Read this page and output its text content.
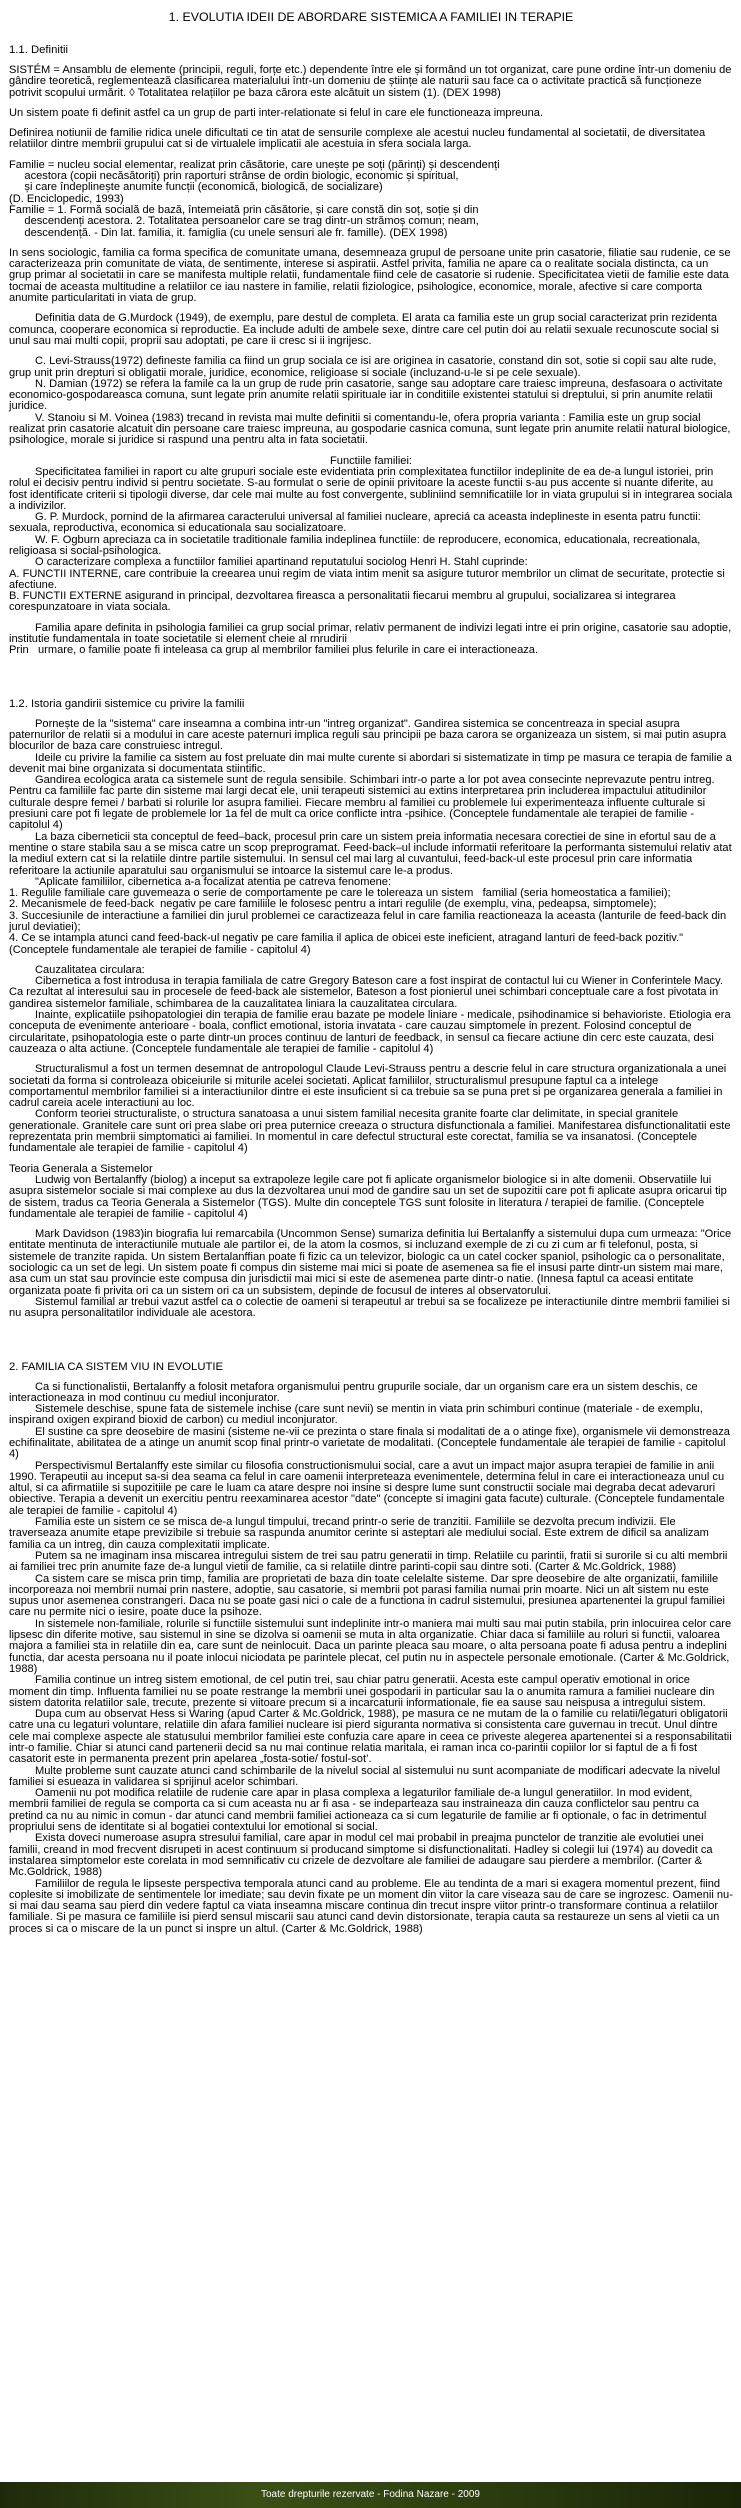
1. EVOLUTIA IDEII DE ABORDARE SISTEMICA A FAMILIEI IN TERAPIE
1.1. Definitii

SISTÉM = Ansamblu de elemente (principii, reguli, forțe etc.) dependente între ele și formând un tot organizat, care pune ordine într-un domeniu de gândire teoretică, reglementează clasificarea materialului într-un domeniu de științe ale naturii sau face ca o activitate practică să funcționeze potrivit scopului urmărit. ◊ Totalitatea relațiilor pe baza cărora este alcătuit un sistem (1). (DEX 1998)

Un sistem poate fi definit astfel ca un grup de parti inter-relationate si felul in care ele functioneaza impreuna.

Definirea notiunii de familie ridica unele dificultati ce tin atat de sensurile complexe ale acestui nucleu fundamental al societatii, de diversitatea relatiilor dintre membrii grupului cat si de virtualele implicatii ale acestuia in sfera sociala larga.

Familie = nucleu social elementar, realizat prin căsătorie, care unește pe soți (părinți) și descendenți
acestora (copii necăsătoriți) prin raporturi strânse de ordin biologic, economic și spiritual,
și care îndeplinește anumite funcții (economică, biologică, de socializare)
(D. Enciclopedic, 1993)
Familie = 1. Formă socială de bază, întemeiată prin căsătorie, și care constă din soț, soție și din
descendenți acestora. 2. Totalitatea persoanelor care se trag dintr-un strămoș comun; neam,
descendență. - Din lat. familia, it. famiglia (cu unele sensuri ale fr. famille). (DEX 1998)

In sens sociologic, familia ca forma specifica de comunitate umana, desemneaza grupul de persoane unite prin casatorie, filiatie sau rudenie, ce se caracterizeaza prin comunitate de viata, de sentimente, interese si aspiratii. Astfel privita, familia ne apare ca o realitate sociala distincta, ca un grup primar al societatii in care se manifesta multiple relatii, fundamentale fiind cele de casatorie si rudenie. Specificitatea vietii de familie este data tocmai de aceasta multitudine a relatiilor ce iau nastere in familie, relatii fiziologice, psihologice, economice, morale, afective si care comporta anumite particularitati in viata de grup.

Definitia data de G.Murdock (1949), de exemplu, pare destul de completa. El arata ca familia este un grup social caracterizat prin rezidenta comunca, cooperare economica si reproductie. Ea include adulti de ambele sexe, dintre care cel putin doi au relatii sexuale recunoscute social si unul sau mai multi copii, proprii sau adoptati, pe care ii cresc si ii ingrijesc.

C. Levi-Strauss(1972) defineste familia ca fiind un grup sociala ce isi are originea in casatorie, constand din sot, sotie si copii sau alte rude, grup unit prin drepturi si obligatii morale, juridice, economice, religioase si sociale (incluzand-u-le si pe cele sexuale).

N. Damian (1972) se refera la famile ca la un grup de rude prin casatorie, sange sau adoptare care traiesc impreuna, desfasoara o activitate economico-gospodareasca comuna, sunt legate prin anumite relatii spirituale iar in conditiile existentei statului si dreptului, si prin anumite relatii juridice.

V. Stanoiu si M. Voinea (1983) trecand in revista mai multe definitii si comentandu-le, ofera propria varianta : Familia este un grup social realizat prin casatorie alcatuit din persoane care traiesc impreuna, au gospodarie casnica comuna, sunt legate prin anumite relatii natural biologice, psihologice, morale si juridice si raspund una pentru alta in fata societatii.

Functiile familiei:

Specificitatea familiei in raport cu alte grupuri sociale este evidentiata prin complexitatea functiilor indeplinite de ea de-a lungul istoriei, prin rolul ei decisiv pentru individ si pentru societate. S-au formulat o serie de opinii privitoare la aceste functii s-au pus accente si nuante diferite, au fost identificate criterii si tipologii diverse, dar cele mai multe au fost convergente, subliniind semnificatiile lor in viata grupului si in integrarea sociala a indivizilor.

G. P. Murdock, pornind de la afirmarea caracterului universal al familiei nucleare, apreciá ca aceasta indeplineste in esenta patru functii: sexuala, reproductiva, economica si educationala sau socializatoare.

W. F. Ogburn apreciaza ca in societatile traditionale familia indeplinea functiile: de reproducere, economica, educationala, recreationala, religioasa si social-psihologica.

O caracterizare complexa a functiilor familiei apartinand reputatului sociolog Henri H. Stahl cuprinde:
A. FUNCTII INTERNE, care contribuie la creearea unui regim de viata intim menit sa asigure tuturor membrilor un climat de securitate, protectie si afectiune.
B. FUNCTII EXTERNE asigurand in principal, dezvoltarea fireasca a personalitatii fiecarui membru al grupului, socializarea si integrarea corespunzatoare in viata sociala.

Familia apare definita in psihologia familiei ca grup social primar, relativ permanent de indivizi legati intre ei prin origine, casatorie sau adoptie, institutie fundamentala in toate societatile si element cheie al rnrudirii
Prin   urmare, o familie poate fi inteleasa ca grup al membrilor familiei plus felurile in care ei interactioneaza.

1.2. Istoria gandirii sistemice cu privire la familii

Pornește de la "sistema" care inseamna a combina intr-un "intreg organizat". Gandirea sistemica se concentreaza in special asupra paternurilor de relatii si a modului in care aceste paternuri implica reguli sau principii pe baza carora se organizeaza un sistem, si mai putin asupra blocurilor de baza care construiesc intregul.

Ideile cu privire la familie ca sistem au fost preluate din mai multe curente si abordari si sistematizate in timp pe masura ce terapia de familie a devenit mai bine organizata si documentata stiintific.

Gandirea ecologica arata ca sistemele sunt de regula sensibile. Schimbari intr-o parte a lor pot avea consecinte neprevazute pentru intreg. Pentru ca familiile fac parte din sisteme mai largi decat ele, unii terapeuti sistemici au extins interpretarea prin includerea impactului atitudinilor culturale despre femei / barbati si rolurile lor asupra familiei. Fiecare membru al familiei cu problemele lui experimenteaza influente culturale si presiuni care pot fi legate de problemele lor 1a fel de mult ca orice conflicte intra -psihice. (Conceptele fundamentale ale terapiei de familie - capitolul 4)

La baza ciberneticii sta conceptul de feed–back, procesul prin care un sistem preia informatia necesara corectiei de sine in efortul sau de a mentine o stare stabila sau a se misca catre un scop preprogramat. Feed-back–ul include informatii referitoare la performanta sistemului relativ atat la mediul extern cat si la relatiile dintre partile sistemului. In sensul cel mai larg al cuvantului, feed-back-ul este procesul prin care informatia referitoare la actiunile aparatului sau organismului se intoarce la sistemul care le-a produs.

"Aplicate familiilor, cibernetica a-a focalizat atentia pe catreva fenomene:
1. Regulile familiale care guvemeaza o serie de comportamente pe care le tolereaza un sistem   familial (seria homeostatica a familiei);
2. Mecanismele de feed-back  negativ pe care familiile le folosesc pentru a intari regulile (de exemplu, vina, pedeapsa, simptomele);
3. Succesiunile de interactiune a familiei din jurul problemei ce caractizeaza felul in care familia reactioneaza la aceasta (lanturile de feed-back din jurul deviatiei);
4. Ce se intampla atunci cand feed-back-ul negativ pe care familia il aplica de obicei este ineficient, atragand lanturi de feed-back pozitiv." (Conceptele fundamentale ale terapiei de familie - capitolul 4)

Cauzalitatea circulara:

Cibernetica a fost introdusa in terapia familiala de catre Gregory Bateson care a fost inspirat de contactul lui cu Wiener in Conferintele Macy. Ca rezultat al interesului sau in procesele de feed-back ale sistemelor, Bateson a fost pionierul unei schimbari conceptuale care a fost pivotata in gandirea sistemelor familiale, schimbarea de la cauzalitatea liniara la cauzalitatea circulara.

Inainte, explicatiile psihopatologiei din terapia de familie erau bazate pe modele liniare - medicale, psihodinamice si behavioriste. Etiologia era conceputa de evenimente anterioare - boala, conflict emotional, istoria invatata - care cauzau simptomele in prezent. Folosind conceptul de circularitate, psihopatologia este o parte dintr-un proces continuu de lanturi de feedback, in sensul ca fiecare actiune din cerc este cauzata, desi cauzeaza o alta actiune. (Conceptele fundamentale ale terapiei de familie - capitolul 4)

Structuralismul a fost un termen desemnat de antropologul Claude Levi-Strauss pentru a descrie felul in care structura organizationala a unei societati da forma si controleaza obiceiurile si miturile acelei societati. Aplicat familiilor, structuralismul presupune faptul ca a intelege comportamentul membrilor familiei si a interactiunilor dintre ei este insuficient si ca trebuie sa se puna pret si pe organizarea generala a familiei in cadrul careia acele interactiuni au loc.

Conform teoriei structuraliste, o structura sanatoasa a unui sistem familial necesita granite foarte clar delimitate, in special granitele generationale. Granitele care sunt ori prea slabe ori prea puternice creeaza o structura disfunctionala a familiei. Manifestarea disfunctionalitatii este reprezentata prin membrii simptomatici ai familiei. In momentul in care defectul structural este corectat, familia se va insanatosi. (Conceptele fundamentale ale terapiei de familie - capitolul 4)

Teoria Generala a Sistemelor

Ludwig von Bertalanffy (biolog) a inceput sa extrapoleze legile care pot fi aplicate organismelor biologice si in alte domenii. Observatiile lui asupra sistemelor sociale si mai complexe au dus la dezvoltarea unui mod de gandire sau un set de supozitii care pot fi aplicate asupra oricarui tip de sistem, tradus ca Teoria Generala a Sistemelor (TGS). Multe din conceptele TGS sunt folosite in literatura / terapiei de familie. (Conceptele fundamentale ale terapiei de familie - capitolul 4)

Mark Davidson (1983)in biografia lui remarcabila (Uncommon Sense) sumariza definitia lui Bertalanffy a sistemului dupa cum urmeaza: "Orice entitate mentinuta de interactiunile mutuale ale partilor ei, de la atom la cosmos, si incluzand exemple de zi cu zi cum ar fi telefonul, posta, si sistemele de tranzite rapida. Un sistem Bertalanffian poate fi fizic ca un televizor, biologic ca un catel cocker spaniol, psihologic ca o personalitate, sociologic ca un set de legi. Un sistem poate fi compus din sisteme mai mici si poate de asemenea sa fie el insusi parte dintr-un sistem mai mare, asa cum un stat sau provincie este compusa din jurisdictii mai mici si este de asemenea parte dintr-o natie. (Innesa faptul ca aceasi entitate organizata poate fi privita ori ca un sistem ori ca un subsistem, depinde de focusul de interes al observatorului.

Sistemul familial ar trebui vazut astfel ca o colectie de oameni si terapeutul ar trebui sa se focalizeze pe interactiunile dintre membrii familiei si nu asupra personalitatilor individuale ale acestora.

2. FAMILIA CA SISTEM VIU IN EVOLUTIE

Ca si functionalistii, Bertalanffy a folosit metafora organismului pentru grupurile sociale, dar un organism care era un sistem deschis, ce interactioneaza in mod continuu cu mediul inconjurator.

Sistemele deschise, spune fata de sistemele inchise (care sunt nevii) se mentin in viata prin schimburi continue (materiale - de exemplu, inspirand oxigen expirand bioxid de carbon) cu mediul inconjurator.

El sustine ca spre deosebire de masini (sisteme ne-vii ce prezinta o stare finala si modalitati de a o atinge fixe), organismele vii demonstreaza echifinalitate, abilitatea de a atinge un anumit scop final printr-o varietate de modalitati. (Conceptele fundamentale ale terapiei de familie - capitolul 4)

Perspectivismul Bertalanffy este similar cu filosofia constructionismului social, care a avut un impact major asupra terapiei de familie in anii 1990. Terapeutii au inceput sa-si dea seama ca felul in care oamenii interpreteaza evenimentele, determina felul in care ei interactioneaza unul cu altul, si ca afirmatiile si supozitiile pe care le luam ca atare despre noi insine si despre lume sunt constructii sociale mai degraba decat adevaruri obiective. Terapia a devenit un exercitiu pentru reexaminarea acestor "date" (concepte si imagini gata facute) culturale. (Conceptele fundamentale ale terapiei de familie - capitolul 4)

Familia este un sistem ce se misca de-a lungul timpului, trecand printr-o serie de tranzitii. Familiile se dezvolta precum indivizii. Ele traverseaza anumite etape previzibile si trebuie sa raspunda anumitor cerinte si asteptari ale mediului social. Este extrem de dificil sa analizam familia ca un intreg, din cauza complexitatii implicate.

Putem sa ne imaginam insa miscarea intregului sistem de trei sau patru generatii in timp. Relatiile cu parintii, fratii si surorile si cu alti membrii ai familiei trec prin anumite faze de-a lungul vietii de familie, ca si relatiile dintre parinti-copii sau dintre soti. (Carter & Mc.Goldrick, 1988)

Ca sistem care se misca prin timp, familia are proprietati de baza din toate celelalte sisteme. Dar spre deosebire de alte organizatii, familiile incorporeaza noi membrii numai prin nastere, adoptie, sau casatorie, si membrii pot parasi familia numai prin moarte. Nici un alt sistem nu este supus unor asemenea constrangeri. Daca nu se poate gasi nici o cale de a functiona in cadrul sistemului, presiunea apartenentei la grupul familiei care nu permite nici o iesire, poate duce la psihoze.

In sistemele non-familiale, rolurile si functiile sistemului sunt indeplinite intr-o maniera mai multi sau mai putin stabila, prin inlocuirea celor care lipsesc din diferite motive, sau sistemul in sine se dizolva si oamenii se muta in alta organizatie. Chiar daca si familiile au roluri si functii, valoarea majora a familiei sta in relatiile din ea, care sunt de neinlocuit. Daca un parinte pleaca sau moare, o alta persoana poate fi adusa pentru a indeplini functia, dar acesta persoana nu il poate inlocui niciodata pe parintele plecat, cel putin nu in aspectele personale emotionale. (Carter & Mc.Goldrick, 1988)

Familia continue un intreg sistem emotional, de cel putin trei, sau chiar patru generatii. Acesta este campul operativ emotional in orice moment din timp. Influenta familiei nu se poate restrange la membrii unei gospodarii in particular sau la o anumita ramura a familiei nucleare din sistem datorita relatiilor sale, trecute, prezente si viitoare precum si a incarcaturii informationale, fie ea sause sau neispusa a intregului sistem.

Dupa cum au observat Hess si Waring (apud Carter & Mc.Goldrick, 1988), pe masura ce ne mutam de la o familie cu relatii/legaturi obligatorii catre una cu legaturi voluntare, relatiile din afara familiei nucleare isi pierd siguranta normativa si consistenta care guvernau in trecut. Unul dintre cele mai complexe aspecte ale statusului membrilor familiei este confuzia care apare in ceea ce priveste alegerea apartenentei si a responsabilitatii intr-o familie. Chiar si atunci cand partenerii decid sa nu mai continue relatia maritala, ei raman inca co-parintii copiilor lor si faptul de a fi fost casatorit este in permanenta prezent prin apelarea „fosta-sotie/ fostul-sot’.

Multe probleme sunt cauzate atunci cand schimbarile de la nivelul social al sistemului nu sunt acompaniate de modificari adecvate la nivelul familiei si esueaza in validarea si sprijinul acelor schimbari.

Oamenii nu pot modifica relatiile de rudenie care apar in plasa complexa a legaturilor familiale de-a lungul generatiilor. In mod evident, membrii familiei de regula se comporta ca si cum aceasta nu ar fi asa - se indeparteaza sau instraineaza din cauza conflictelor sau pentru ca pretind ca nu au nimic in comun - dar atunci cand membrii familiei actioneaza ca si cum legaturile de familie ar fi optionale, o fac in detrimentul propriului sens de identitate si al bogatiei contextului lor emotional si social.

Exista doveci numeroase asupra stresului familial, care apar in modul cel mai probabil in preajma punctelor de tranzitie ale evolutiei unei familii, creand in mod frecvent disrupeti in acest continuum si producand simptome si disfunctionalitati. Hadley si colegii lui (1974) au dovedit ca instalarea simptomelor este corelata in mod semnificativ cu crizele de dezvoltare ale familiei de adaugare sau pierdere a membrilor. (Carter & Mc.Goldrick, 1988)

Familiilor de regula le lipseste perspectiva temporala atunci cand au probleme. Ele au tendinta de a mari si exagera momentul prezent, fiind coplesite si imobilizate de sentimentele lor imediate; sau devin fixate pe un moment din viitor la care viseaza sau de care se ingrozesc. Oamenii nu-si mai dau seama sau pierd din vedere faptul ca viata inseamna miscare continua din trecut inspre viitor printr-o transformare continua a relatiilor familiale. Si pe masura ce familiile isi pierd sensul miscarii sau atunci cand devin distorsionate, terapia cauta sa restaureze un sens al vietii ca un proces si ca o miscare de la un punct si inspre un altul. (Carter & Mc.Goldrick, 1988)

Toate drepturile rezervate - Fodina Nazare - 2009
